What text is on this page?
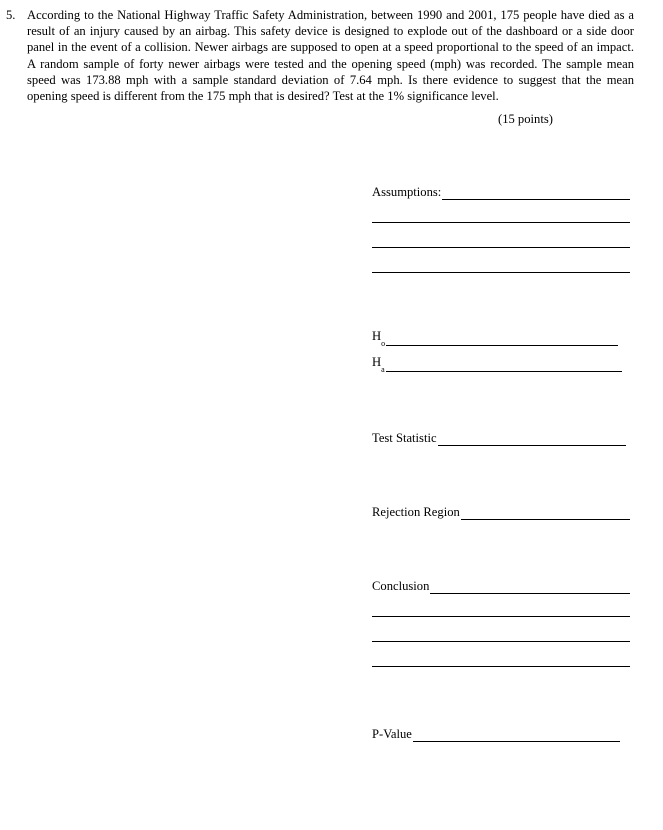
5. According to the National Highway Traffic Safety Administration, between 1990 and 2001, 175 people have died as a result of an injury caused by an airbag. This safety device is designed to explode out of the dashboard or a side door panel in the event of a collision. Newer airbags are supposed to open at a speed proportional to the speed of an impact. A random sample of forty newer airbags were tested and the opening speed (mph) was recorded. The sample mean speed was 173.88 mph with a sample standard deviation of 7.64 mph. Is there evidence to suggest that the mean opening speed is different from the 175 mph that is desired? Test at the 1% significance level.
(15 points)
Assumptions:
$H_o$
$H_a$
Test Statistic
Rejection Region
Conclusion
P-Value
